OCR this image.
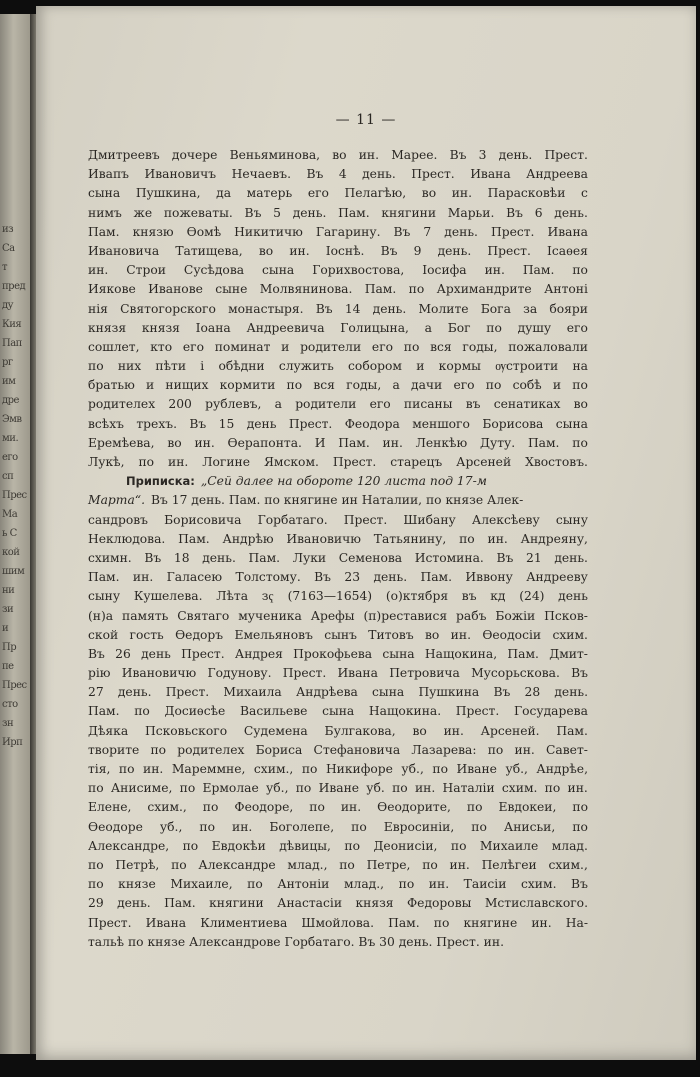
из
Са
т
пред
ду
Кия
Пап
рг
им
дре
Эмв
ми.
его
сп
Прес
Ма
ь С
кой
шим
ни
зи
и
Пр
пе
Прес
сто
зн
Ирп
— 11 —
Дмитреевъ дочере Веньяминова, во ин. Марее. Въ 3 день. Прест.
Ивапъ Ивановичъ Нечаевъ. Въ 4 день. Прест. Ивана Андреева
сына Пушкина, да матерь его Пелагѣю, во ин. Парасковѣи с
нимъ же пожеваты. Въ 5 день. Пам. княгини Марьи. Въ 6 день.
Пам. князю Ѳомѣ Никитичю Гагарину. Въ 7 день. Прест. Ивана
Ивановича Татищева, во ин. Іоснѣ. Въ 9 день. Прест. Ісаѳея
ин. Строи Сусѣдова сына Горихвостова, Іосифа ин. Пам. по
Иякове Иванове сыне Молвянинова. Пам. по Архимандрите Антоні
нія Святогорского монастыря. Въ 14 день. Молите Бога за бояри
князя князя Іоана Андреевича Голицына, а Бог по душу его
сошлет, кто его поминат и родители его по вся годы, пожаловали
по них пѣти і обѣдни служить собором и кормы ѹстроити на
братью и нищих кормити по вся годы, а дачи его по собѣ и по
родителех 200 рублевъ, а родители его писаны въ сенатиках во
всѣхъ трехъ. Въ 15 день Прест. Феодора меншого Борисова сына
Еремѣева, во ин. Ѳерапонта. И Пам. ин. Ленкѣю Дуту. Пам. по
Лукѣ, по ин. Логине Ямском. Прест. старецъ Арсеней Хвостовъ.
Приписка: „Сей далее на обороте 120 листа под 17-м
Марта“. Въ 17 день. Пам. по княгине ин Наталии, по князе Алек-
сандровъ Борисовича Горбатаго. Прест. Шибану Алексѣеву сыну
Неклюдова. Пам. Андрѣю Ивановичю Татьянину, по ин. Андреяну,
схимн. Въ 18 день. Пам. Луки Семенова Истомина. Въ 21 день.
Пам. ин. Галасею Толстому. Въ 23 день. Пам. Иввону Андрееву
сыну Кушелева. Лѣта зҁ (7163—1654) (о)ктября въ кд (24) день
(н)а память Святаго мученика Арефы (п)реставися рабъ Божіи Псков-
ской гость Ѳедоръ Емельяновъ сынъ Титовъ во ин. Ѳеодосіи схим.
Въ 26 день Прест. Андрея Прокофьева сына Нащокина, Пам. Дмит-
рію Ивановичю Годунову. Прест. Ивана Петровича Мусорьскова. Въ
27 день. Прест. Михаила Андрѣева сына Пушкина Въ 28 день.
Пам. по Досиѳсѣе Васильеве сына Нащокина. Прест. Государева
Дѣяка Псковьского Судемена Булгакова, во ин. Арсеней. Пам.
творите по родителех Бориса Стефановича Лазарева: по ин. Савет-
тія, по ин. Мареммне, схим., по Никифоре уб., по Иване уб., Андрѣе,
по Анисиме, по Ермолае уб., по Иване уб. по ин. Наталіи схим. по ин.
Елене, схим., по Феодоре, по ин. Ѳеодорите, по Евдокеи, по
Ѳеодоре уб., по ин. Боголепе, по Евросиніи, по Анисьи, по
Александре, по Евдокѣи дѣвицы, по Деонисіи, по Михаиле млад.
по Петрѣ, по Александре млад., по Петре, по ин. Пелѣгеи схим.,
по князе Михаиле, по Антоніи млад., по ин. Таисіи схим. Въ
29 день. Пам. княгини Анастасіи князя Федоровы Мстиславского.
Прест. Ивана Климентиева Шмойлова. Пам. по княгине ин. На-
тальѣ по князе Александрове Горбатаго. Въ 30 день. Прест. ин.
